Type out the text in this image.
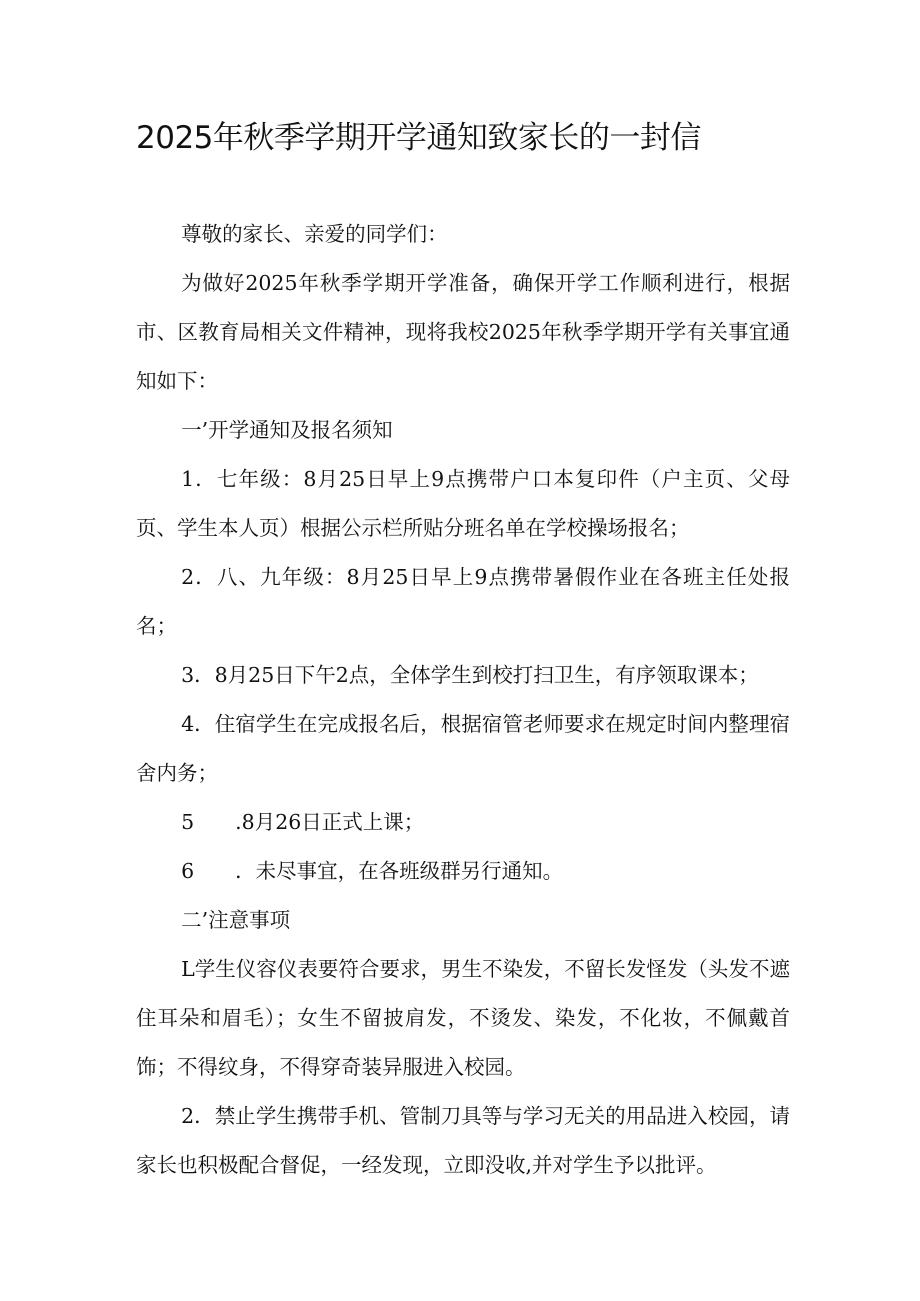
2025年秋季学期开学通知致家长的一封信

尊敬的家长、亲爱的同学们：

为做好2025年秋季学期开学准备，确保开学工作顺利进行，根据市、区教育局相关文件精神，现将我校2025年秋季学期开学有关事宜通知如下：

一’开学通知及报名须知

1．七年级：8月25日早上9点携带户口本复印件（户主页、父母页、学生本人页）根据公示栏所贴分班名单在学校操场报名；

2．八、九年级：8月25日早上9点携带暑假作业在各班主任处报名；

3．8月25日下午2点，全体学生到校打扫卫生，有序领取课本；

4．住宿学生在完成报名后，根据宿管老师要求在规定时间内整理宿舍内务；

5　　.8月26日正式上课；

6　　．未尽事宜，在各班级群另行通知。

二’注意事项

L学生仪容仪表要符合要求，男生不染发，不留长发怪发（头发不遮住耳朵和眉毛）；女生不留披肩发，不烫发、染发，不化妆，不佩戴首饰；不得纹身，不得穿奇装异服进入校园。

2．禁止学生携带手机、管制刀具等与学习无关的用品进入校园，请家长也积极配合督促，一经发现，立即没收,并对学生予以批评。
